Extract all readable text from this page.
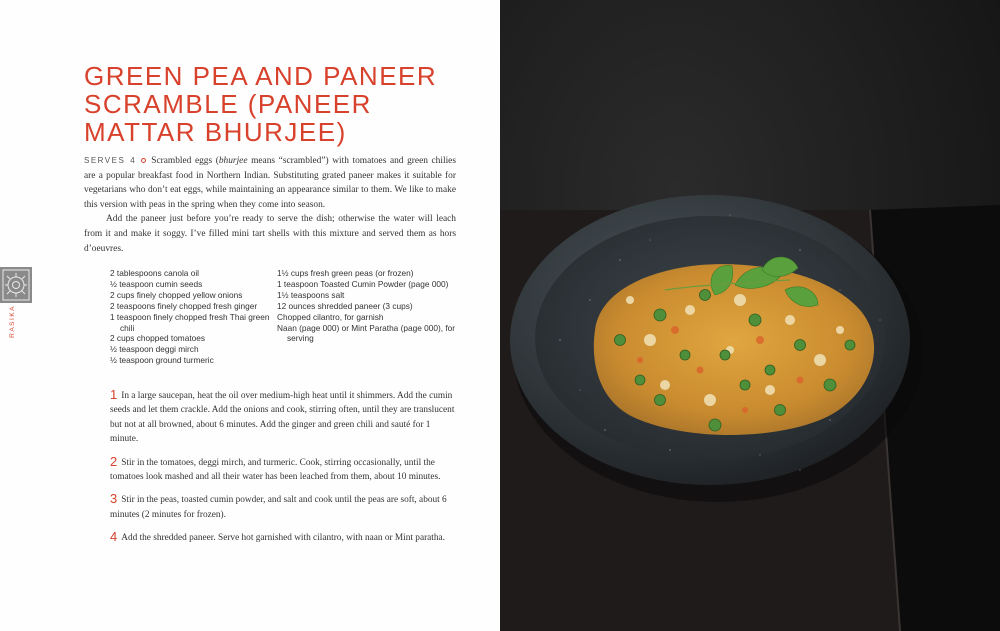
GREEN PEA AND PANEER SCRAMBLE (PANEER MATTAR BHURJEE)

SERVES 4 Scrambled eggs (bhurjee means “scrambled”) with tomatoes and green chilies are a popular breakfast food in Northern Indian. Substituting grated paneer makes it suitable for vegetarians who don’t eat eggs, while maintaining an appearance similar to them. We like to make this version with peas in the spring when they come into season.

Add the paneer just before you’re ready to serve the dish; otherwise the water will leach from it and make it soggy. I’ve filled mini tart shells with this mixture and served them as hors d’oeuvres.

2 tablespoons canola oil
½ teaspoon cumin seeds
2 cups finely chopped yellow onions
2 teaspoons finely chopped fresh ginger
1 teaspoon finely chopped fresh Thai green chili
2 cups chopped tomatoes
½ teaspoon deggi mirch
½ teaspoon ground turmeric
1½ cups fresh green peas (or frozen)
1 teaspoon Toasted Cumin Powder (page 000)
1½ teaspoons salt
12 ounces shredded paneer (3 cups)
Chopped cilantro, for garnish
Naan (page 000) or Mint Paratha (page 000), for serving

1 In a large saucepan, heat the oil over medium-high heat until it shimmers. Add the cumin seeds and let them crackle. Add the onions and cook, stirring often, until they are translucent but not at all browned, about 6 minutes. Add the ginger and green chili and sauté for 1 minute.

2 Stir in the tomatoes, deggi mirch, and turmeric. Cook, stirring occasionally, until the tomatoes look mashed and all their water has been leached from them, about 10 minutes.

3 Stir in the peas, toasted cumin powder, and salt and cook until the peas are soft, about 6 minutes (2 minutes for frozen).

4 Add the shredded paneer. Serve hot garnished with cilantro, with naan or Mint paratha.

RASIKA
